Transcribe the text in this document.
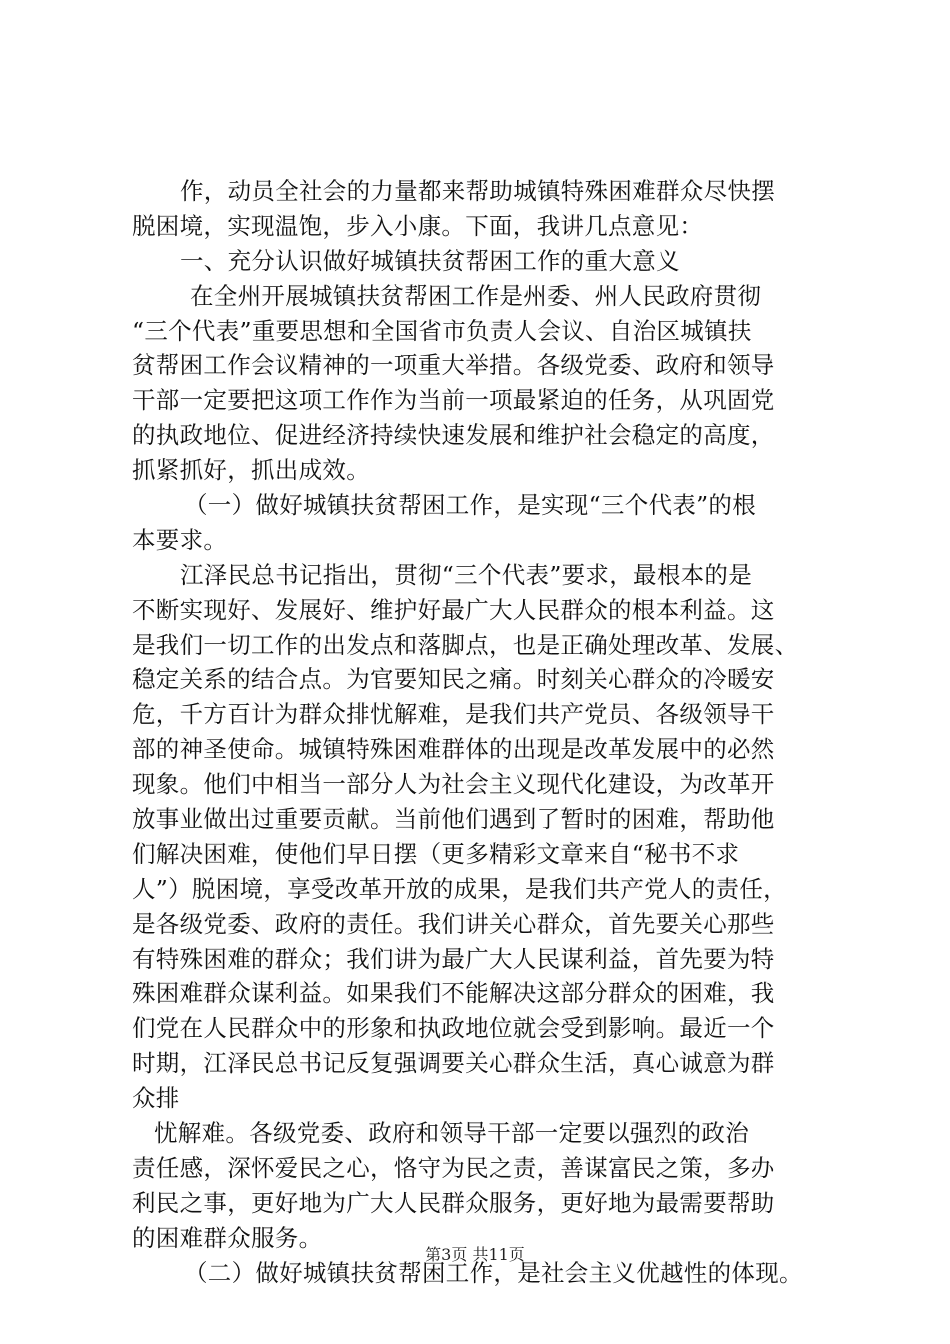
作，动员全社会的力量都来帮助城镇特殊困难群众尽快摆
脱困境，实现温饱，步入小康。下面，我讲几点意见：
一、充分认识做好城镇扶贫帮困工作的重大意义
在全州开展城镇扶贫帮困工作是州委、州人民政府贯彻
“三个代表”重要思想和全国省市负责人会议、自治区城镇扶
贫帮困工作会议精神的一项重大举措。各级党委、政府和领导
干部一定要把这项工作作为当前一项最紧迫的任务，从巩固党
的执政地位、促进经济持续快速发展和维护社会稳定的高度，
抓紧抓好，抓出成效。
（一）做好城镇扶贫帮困工作，是实现“三个代表”的根
本要求。
江泽民总书记指出，贯彻“三个代表”要求，最根本的是
不断实现好、发展好、维护好最广大人民群众的根本利益。这
是我们一切工作的出发点和落脚点，也是正确处理改革、发展、
稳定关系的结合点。为官要知民之痛。时刻关心群众的冷暖安
危，千方百计为群众排忧解难，是我们共产党员、各级领导干
部的神圣使命。城镇特殊困难群体的出现是改革发展中的必然
现象。他们中相当一部分人为社会主义现代化建设，为改革开
放事业做出过重要贡献。当前他们遇到了暂时的困难，帮助他
们解决困难，使他们早日摆（更多精彩文章来自“秘书不求
人”）脱困境，享受改革开放的成果，是我们共产党人的责任，
是各级党委、政府的责任。我们讲关心群众，首先要关心那些
有特殊困难的群众；我们讲为最广大人民谋利益，首先要为特
殊困难群众谋利益。如果我们不能解决这部分群众的困难，我
们党在人民群众中的形象和执政地位就会受到影响。最近一个
时期，江泽民总书记反复强调要关心群众生活，真心诚意为群
众排
忧解难。各级党委、政府和领导干部一定要以强烈的政治
责任感，深怀爱民之心，恪守为民之责，善谋富民之策，多办
利民之事，更好地为广大人民群众服务，更好地为最需要帮助
的困难群众服务。
（二）做好城镇扶贫帮困工作，是社会主义优越性的体现。
第3页 共11页
